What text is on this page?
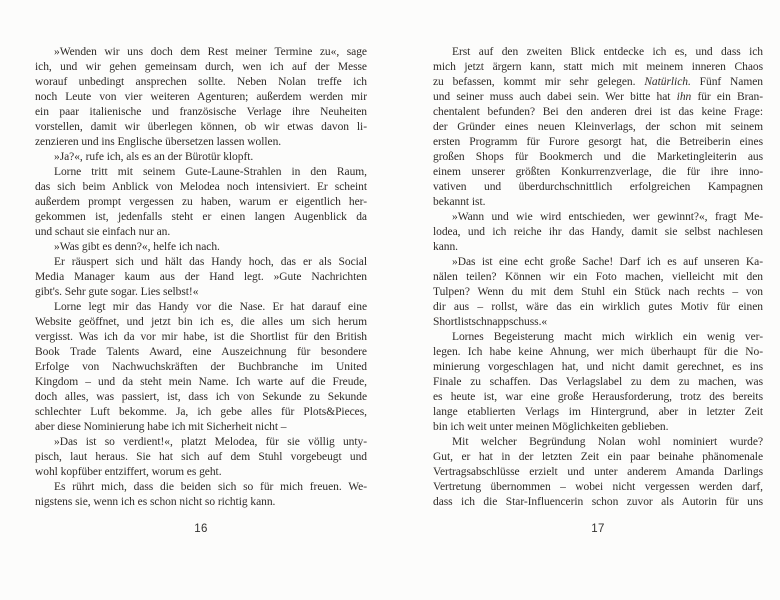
»Wenden wir uns doch dem Rest meiner Termine zu«, sage
ich, und wir gehen gemeinsam durch, wen ich auf der Messe
worauf unbedingt ansprechen sollte. Neben Nolan treffe ich
noch Leute von vier weiteren Agenturen; außerdem werden mir
ein paar italienische und französische Verlage ihre Neuheiten
vorstellen, damit wir überlegen können, ob wir etwas davon li-
zenzieren und ins Englische übersetzen lassen wollen.
»Ja?«, rufe ich, als es an der Bürotür klopft.
Lorne tritt mit seinem Gute-Laune-Strahlen in den Raum,
das sich beim Anblick von Melodea noch intensiviert. Er scheint
außerdem prompt vergessen zu haben, warum er eigentlich her-
gekommen ist, jedenfalls steht er einen langen Augenblick da
und schaut sie einfach nur an.
»Was gibt es denn?«, helfe ich nach.
Er räuspert sich und hält das Handy hoch, das er als Social
Media Manager kaum aus der Hand legt. »Gute Nachrichten
gibt's. Sehr gute sogar. Lies selbst!«
Lorne legt mir das Handy vor die Nase. Er hat darauf eine
Website geöffnet, und jetzt bin ich es, die alles um sich herum
vergisst. Was ich da vor mir habe, ist die Shortlist für den British
Book Trade Talents Award, eine Auszeichnung für besondere
Erfolge von Nachwuchskräften der Buchbranche im United
Kingdom – und da steht mein Name. Ich warte auf die Freude,
doch alles, was passiert, ist, dass ich von Sekunde zu Sekunde
schlechter Luft bekomme. Ja, ich gebe alles für Plots&Pieces,
aber diese Nominierung habe ich mit Sicherheit nicht –
»Das ist so verdient!«, platzt Melodea, für sie völlig unty-
pisch, laut heraus. Sie hat sich auf dem Stuhl vorgebeugt und
wohl kopfüber entziffert, worum es geht.
Es rührt mich, dass die beiden sich so für mich freuen. We-
nigstens sie, wenn ich es schon nicht so richtig kann.
16
Erst auf den zweiten Blick entdecke ich es, und dass ich
mich jetzt ärgern kann, statt mich mit meinem inneren Chaos
zu befassen, kommt mir sehr gelegen. Natürlich. Fünf Namen
und seiner muss auch dabei sein. Wer bitte hat ihn für ein Bran-
chentalent befunden? Bei den anderen drei ist das keine Frage:
der Gründer eines neuen Kleinverlags, der schon mit seinem
ersten Programm für Furore gesorgt hat, die Betreiberin eines
großen Shops für Bookmerch und die Marketingleiterin aus
einem unserer größten Konkurrenzverlage, die für ihre inno-
vativen und überdurchschnittlich erfolgreichen Kampagnen
bekannt ist.
»Wann und wie wird entschieden, wer gewinnt?«, fragt Me-
lodea, und ich reiche ihr das Handy, damit sie selbst nachlesen
kann.
»Das ist eine echt große Sache! Darf ich es auf unseren Ka-
nälen teilen? Können wir ein Foto machen, vielleicht mit den
Tulpen? Wenn du mit dem Stuhl ein Stück nach rechts – von
dir aus – rollst, wäre das ein wirklich gutes Motiv für einen
Shortlistschnappschuss.«
Lornes Begeisterung macht mich wirklich ein wenig ver-
legen. Ich habe keine Ahnung, wer mich überhaupt für die No-
minierung vorgeschlagen hat, und nicht damit gerechnet, es ins
Finale zu schaffen. Das Verlagslabel zu dem zu machen, was
es heute ist, war eine große Herausforderung, trotz des bereits
lange etablierten Verlags im Hintergrund, aber in letzter Zeit
bin ich weit unter meinen Möglichkeiten geblieben.
Mit welcher Begründung Nolan wohl nominiert wurde?
Gut, er hat in der letzten Zeit ein paar beinahe phänomenale
Vertragsabschlüsse erzielt und unter anderem Amanda Darlings
Vertretung übernommen – wobei nicht vergessen werden darf,
dass ich die Star-Influencerin schon zuvor als Autorin für uns
17
